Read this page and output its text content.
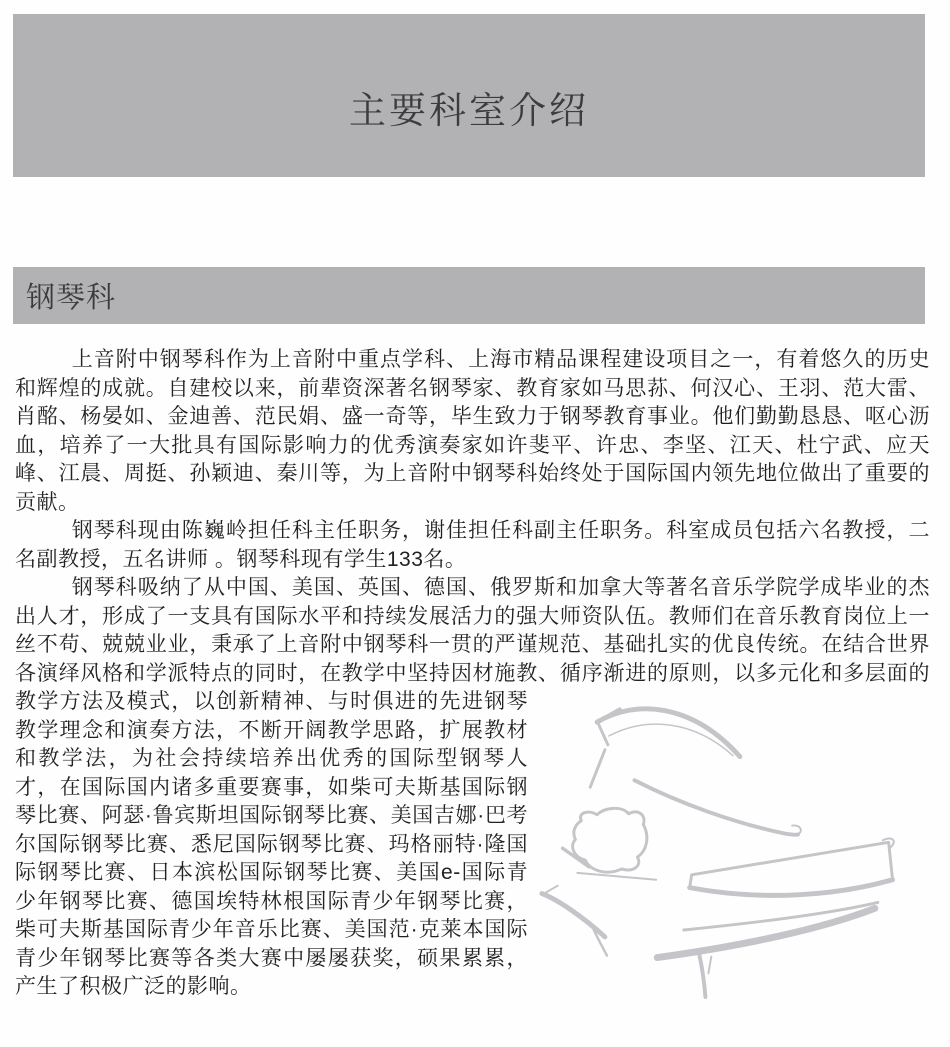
主要科室介绍
钢琴科

上音附中钢琴科作为上音附中重点学科、上海市精品课程建设项目之一，有着悠久的历史和辉煌的成就。自建校以来，前辈资深著名钢琴家、教育家如马思荪、何汉心、王羽、范大雷、肖酩、杨晏如、金迪善、范民娟、盛一奇等，毕生致力于钢琴教育事业。他们勤勤恳恳、呕心沥血，培养了一大批具有国际影响力的优秀演奏家如许斐平、许忠、李坚、江天、杜宁武、应天峰、江晨、周挺、孙颖迪、秦川等，为上音附中钢琴科始终处于国际国内领先地位做出了重要的贡献。

钢琴科现由陈巍岭担任科主任职务，谢佳担任科副主任职务。科室成员包括六名教授，二名副教授，五名讲师 。钢琴科现有学生133名。

钢琴科吸纳了从中国、美国、英国、德国、俄罗斯和加拿大等著名音乐学院学成毕业的杰出人才，形成了一支具有国际水平和持续发展活力的强大师资队伍。教师们在音乐教育岗位上一丝不苟、兢兢业业，秉承了上音附中钢琴科一贯的严谨规范、基础扎实的优良传统。在结合世界各演绎风格和学派特点的同时，在教学中坚持因材施教、循序渐进的原则，以多元化和多
层面的教学方法及模式，以创新精神、与时俱进的先进钢琴教学理念和演奏方法，不断开阔教学思路，扩展教材和教学法，为社会持续培养出优秀的国际型钢琴人才，在国际国内诸多重要赛事，如柴可夫斯基国际钢琴比赛、阿瑟·鲁宾斯坦国际钢琴比赛、美国吉娜·巴考尔国际钢琴比赛、悉尼国际钢琴比赛、玛格丽特·隆国际钢琴比赛、日本滨松国际钢琴比赛、美国e-国际青少年钢琴比赛、德国埃特林根国际青少年钢琴比赛，柴可夫斯基国际青少年音乐比赛、美国范·克莱本国际青少年钢琴比赛等各类大赛中屡屡获奖，硕果累累，产生了积极广泛的影响。
